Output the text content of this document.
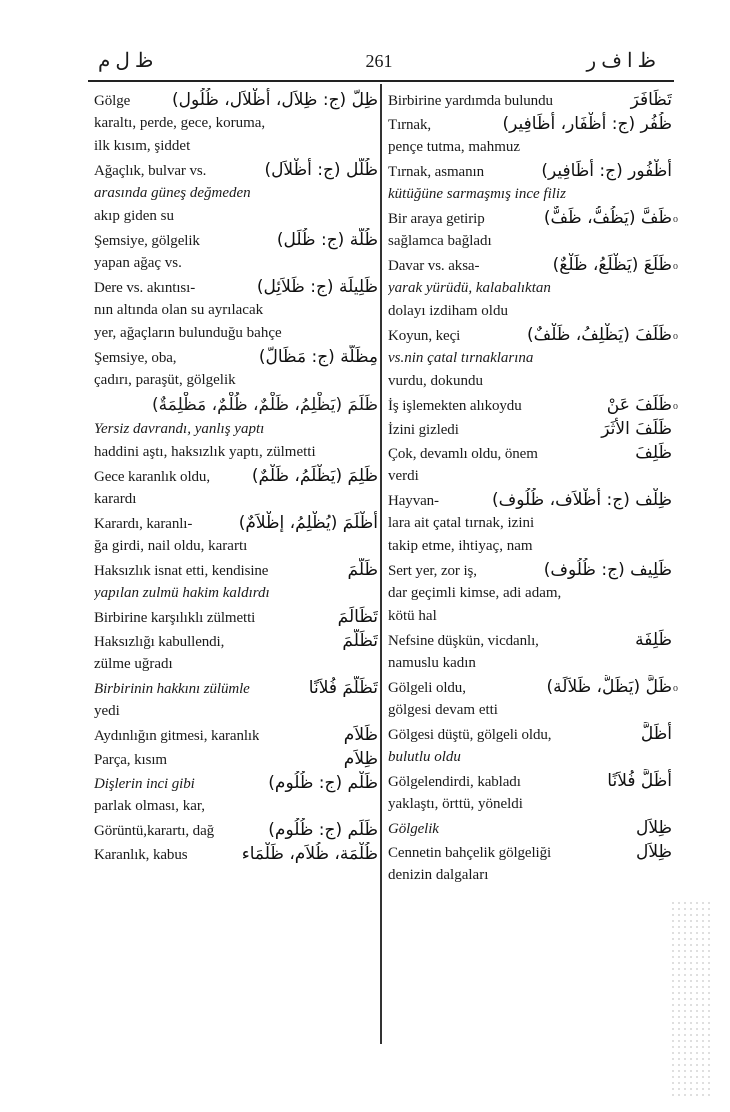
ظ ل م	261	ظ ا ف ر
Gölge ظِلّ (ج: ظِلاَل، أظْلاَل، ظُلُول)
karaltı, perde, gece, koruma,
ilk kısım, şiddet
Ağaçlık, bulvar vs.	ظُلَّل (ج: أظْلاَل)
arasında güneş değmeden
akıp giden su
Şemsiye, gölgelik	ظُلَّة (ج: ظُلَل)
yapan ağaç vs.
Dere vs. akıntısı-	ظَلِيلَة (ج: ظَلاَئِل)
nın altında olan su ayrılacak
yer, ağaçların bulunduğu bahçe
Şemsiye, oba,	مِظَلَّة (ج: مَظَالّ)
çadırı, paraşüt, gölgelik
ظَلَمَ (يَظْلِمُ، ظَلْمٌ، ظُلْمٌ، مَظْلِمَةٌ)
Yersiz davrandı, yanlış yaptı
haddini aştı, haksızlık yaptı, zülmetti
Gece karanlık oldu, ظَلِمَ (يَظْلَمُ، ظَلْمٌ)
karardı
Karardı, karanlı-	أظْلَمَ (يُظْلِمُ، إظْلاَمٌ)
ğa girdi, nail oldu, karartı
Haksızlık isnat etti, kendisine	ظَلَّمَ
yapılan zulmü hakim kaldırdı
Birbirine karşılıklı zülmetti	تَظَالَمَ
Haksızlığı kabullendi,	تَظَلَّمَ
zülme uğradı
Birbirinin hakkını zülümle	تَظَلَّمَ فُلاَنًا
yedi
Aydınlığın gitmesi, karanlık	ظَلاَم
Parça, kısım	ظِلاَم
Dişlerin inci gibi	ظَلْم (ج: ظُلُوم)
parlak olması, kar,
Görüntü,karartı, dağ	ظَلَم (ج: ظُلُوم)
Karanlık, kabus	ظُلْمَة، ظُلاَم، ظَلْمَاء
Birbirine yardımda bulundu	تَظَافَرَ
Tırnak,	ظُفُر (ج: أظْفَار، أظَافِير)
pençe tutma, mahmuz
Tırnak, asmanın	أظْفُور (ج: أظَافِير)
kütüğüne sarmaşmış ince filiz
Bir araya getirip	ظَفَّ (يَظُفُّ، ظَفٌّ)
sağlamca bağladı
o
Davar vs. aksa-	ظَلَعَ (يَظْلَعُ، ظَلْعٌ)
yarak yürüdü, kalabalıktan
dolayı izdiham oldu
o
Koyun, keçi	ظَلَفَ (يَظْلِفُ، ظَلْفٌ)
vs.nin çatal tırnaklarına
vurdu, dokundu
o
İş işlemekten alıkoydu	ظَلَفَ عَنْ o
İzini gizledi	ظَلَفَ الأثَرَ
Çok, devamlı oldu, önem	ظَلِفَ
verdi
Hayvan-	ظِلْف (ج: أظْلاَف، ظُلُوف)
lara ait çatal tırnak, izini
takip etme, ihtiyaç, nam
Sert yer, zor iş,	ظَلِيف (ج: ظُلُوف)
dar geçimli kimse, adi adam,
kötü hal
Nefsine düşkün, vicdanlı,	ظَلِفَة
namuslu kadın
Gölgeli oldu,	ظَلَّ (يَظَلُّ، ظَلاَلَة)
gölgesi devam etti
o
Gölgesi düştü, gölgeli oldu,	أظَلَّ
bulutlu oldu
Gölgelendirdi, kabladı	أظَلَّ فُلاَنًا
yaklaştı, örttü, yöneldi
Gölgelik	ظِلاَل
Cennetin bahçelik gölgeliği	ظِلاَل
denizin dalgaları
